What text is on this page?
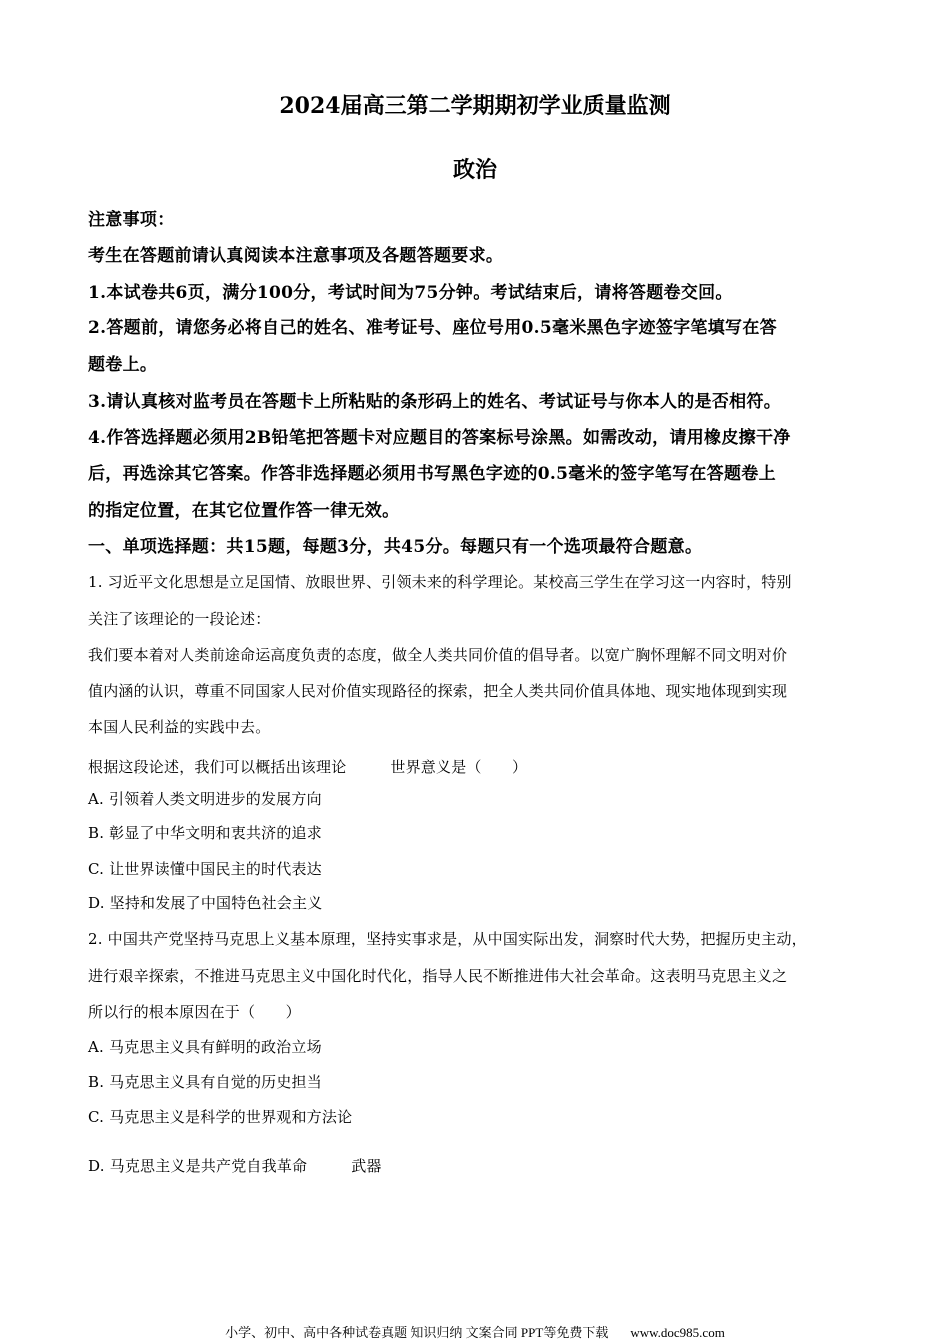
2024届高三第二学期期初学业质量监测
政治
注意事项：
考生在答题前请认真阅读本注意事项及各题答题要求。
1.本试卷共6页，满分100分，考试时间为75分钟。考试结束后，请将答题卷交回。
2.答题前，请您务必将自己的姓名、准考证号、座位号用0.5毫米黑色字迹签字笔填写在答
题卷上。
3.请认真核对监考员在答题卡上所粘贴的条形码上的姓名、考试证号与你本人的是否相符。
4.作答选择题必须用2B铅笔把答题卡对应题目的答案标号涂黑。如需改动，请用橡皮擦干净
后，再选涂其它答案。作答非选择题必须用书写黑色字迹的0.5毫米的签字笔写在答题卷上
的指定位置，在其它位置作答一律无效。
一、单项选择题：共15题，每题3分，共45分。每题只有一个选项最符合题意。
1. 习近平文化思想是立足国情、放眼世界、引领未来的科学理论。某校高三学生在学习这一内容时，特别
关注了该理论的一段论述：
我们要本着对人类前途命运高度负责的态度，做全人类共同价值的倡导者。以宽广胸怀理解不同文明对价
值内涵的认识，尊重不同国家人民对价值实现路径的探索，把全人类共同价值具体地、现实地体现到实现
本国人民利益的实践中去。
根据这段论述，我们可以概括出该理论	世界意义是（　　）
A. 引领着人类文明进步的发展方向
B. 彰显了中华文明和衷共济的追求
C. 让世界读懂中国民主的时代表达
D. 坚持和发展了中国特色社会主义
2. 中国共产党坚持马克思上义基本原理，坚持实事求是，从中国实际出发，洞察时代大势，把握历史主动，
进行艰辛探索，不推进马克思主义中国化时代化，指导人民不断推进伟大社会革命。这表明马克思主义之
所以行的根本原因在于（　　）
A. 马克思主义具有鲜明的政治立场
B. 马克思主义具有自觉的历史担当
C. 马克思主义是科学的世界观和方法论
D. 马克思主义是共产党自我革命	武器
小学、初中、高中各种试卷真题 知识归纳 文案合同 PPT等免费下载 www.doc985.com
